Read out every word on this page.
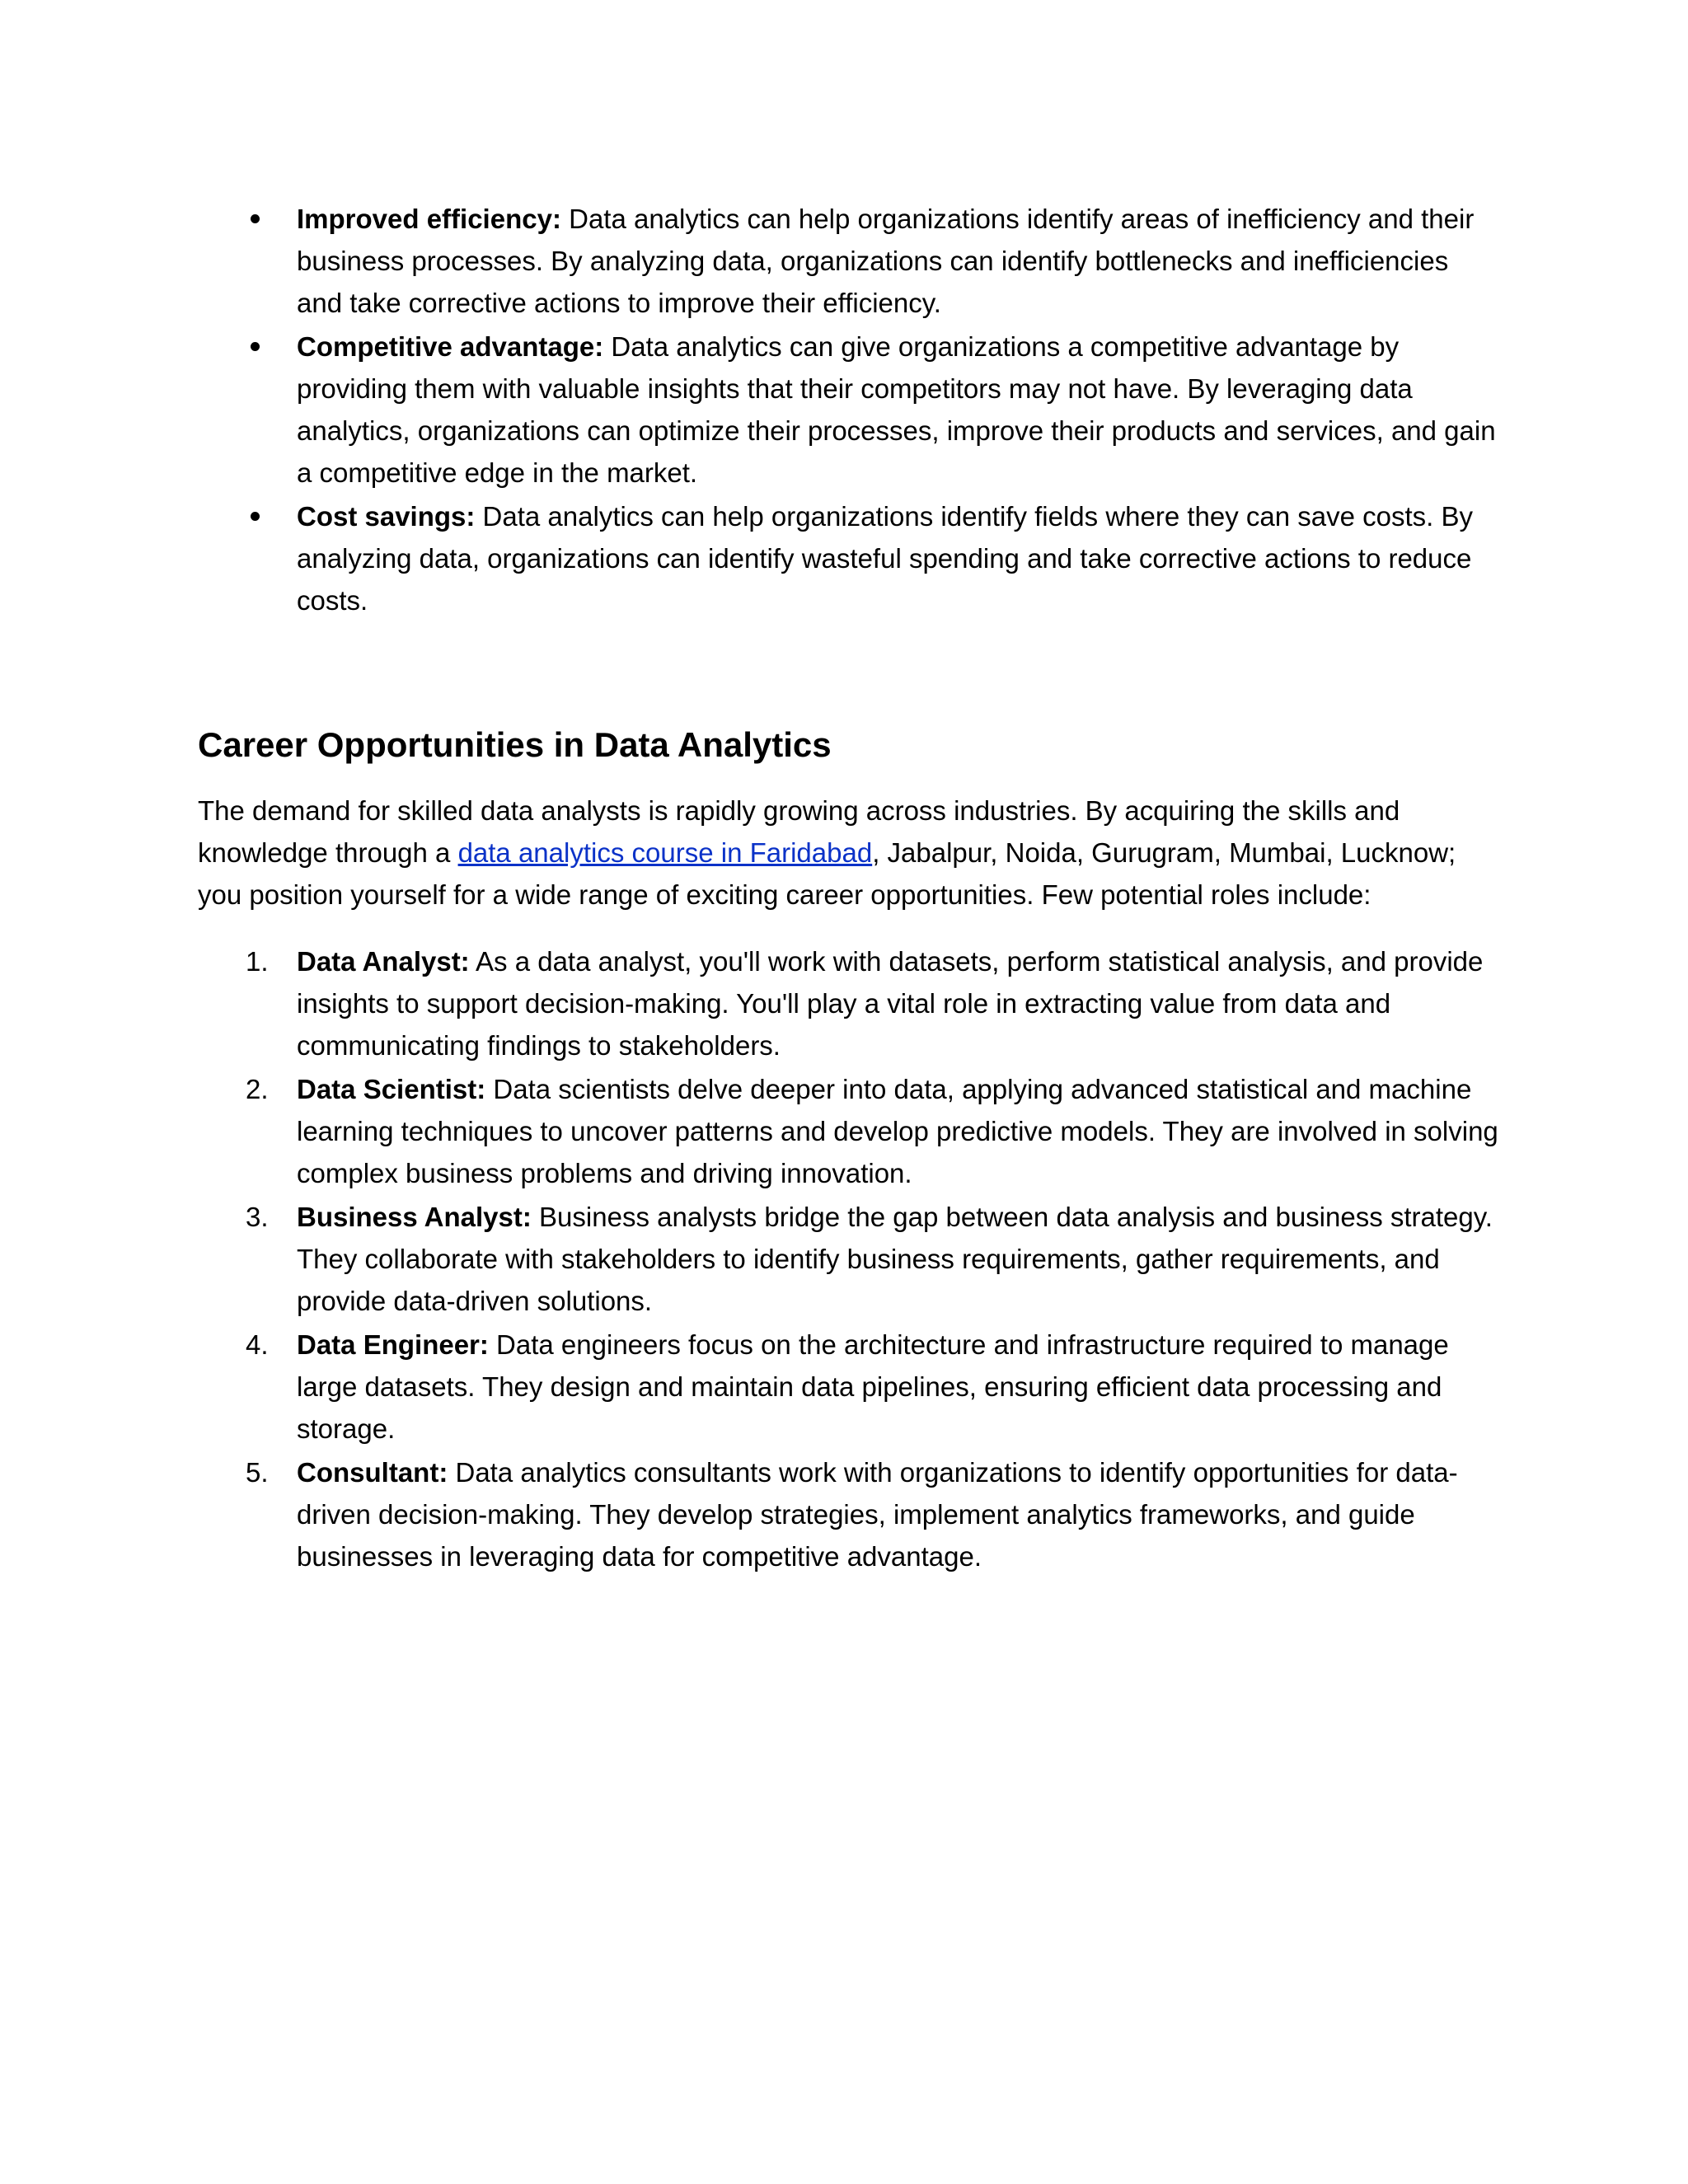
Improved efficiency: Data analytics can help organizations identify areas of inefficiency and their business processes. By analyzing data, organizations can identify bottlenecks and inefficiencies and take corrective actions to improve their efficiency.
Competitive advantage: Data analytics can give organizations a competitive advantage by providing them with valuable insights that their competitors may not have. By leveraging data analytics, organizations can optimize their processes, improve their products and services, and gain a competitive edge in the market.
Cost savings: Data analytics can help organizations identify fields where they can save costs. By analyzing data, organizations can identify wasteful spending and take corrective actions to reduce costs.
Career Opportunities in Data Analytics

The demand for skilled data analysts is rapidly growing across industries. By acquiring the skills and knowledge through a data analytics course in Faridabad, Jabalpur, Noida, Gurugram, Mumbai, Lucknow; you position yourself for a wide range of exciting career opportunities. Few potential roles include:

1. Data Analyst: As a data analyst, you'll work with datasets, perform statistical analysis, and provide insights to support decision-making. You'll play a vital role in extracting value from data and communicating findings to stakeholders.
2. Data Scientist: Data scientists delve deeper into data, applying advanced statistical and machine learning techniques to uncover patterns and develop predictive models. They are involved in solving complex business problems and driving innovation.
3. Business Analyst: Business analysts bridge the gap between data analysis and business strategy. They collaborate with stakeholders to identify business requirements, gather requirements, and provide data-driven solutions.
4. Data Engineer: Data engineers focus on the architecture and infrastructure required to manage large datasets. They design and maintain data pipelines, ensuring efficient data processing and storage.
5. Consultant: Data analytics consultants work with organizations to identify opportunities for data-driven decision-making. They develop strategies, implement analytics frameworks, and guide businesses in leveraging data for competitive advantage.
